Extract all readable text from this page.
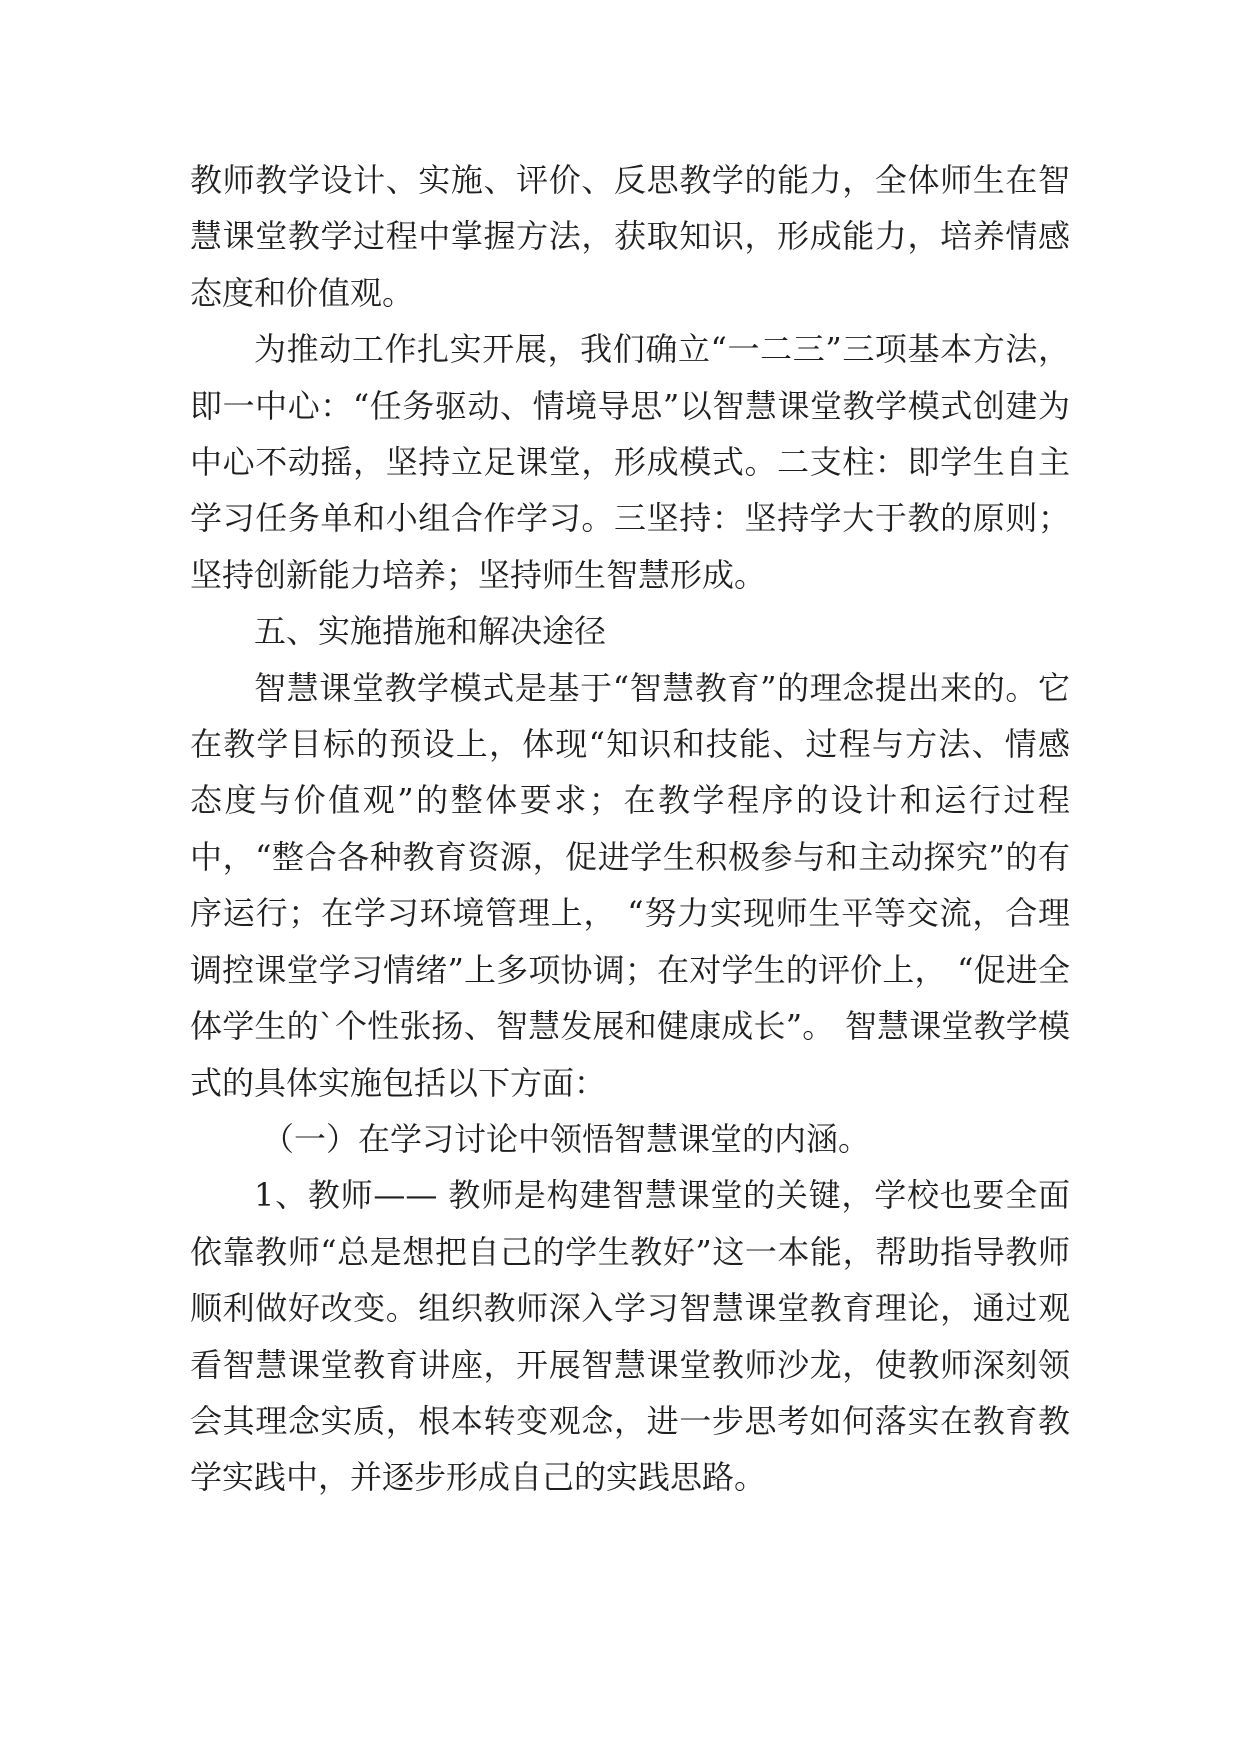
教师教学设计、实施、评价、反思教学的能力，全体师生在智慧课堂教学过程中掌握方法，获取知识，形成能力，培养情感态度和价值观。

为推动工作扎实开展，我们确立“一二三”三项基本方法，即一中心：“任务驱动、情境导思”以智慧课堂教学模式创建为中心不动摇，坚持立足课堂，形成模式。二支柱：即学生自主学习任务单和小组合作学习。三坚持：坚持学大于教的原则；坚持创新能力培养；坚持师生智慧形成。

五、实施措施和解决途径

智慧课堂教学模式是基于“智慧教育”的理念提出来的。它在教学目标的预设上，体现“知识和技能、过程与方法、情感态度与价值观”的整体要求；在教学程序的设计和运行过程中，“整合各种教育资源，促进学生积极参与和主动探究”的有序运行；在学习环境管理上， “努力实现师生平等交流，合理调控课堂学习情绪”上多项协调；在对学生的评价上， “促进全体学生的`个性张扬、智慧发展和健康成长”。 智慧课堂教学模式的具体实施包括以下方面：

（一）在学习讨论中领悟智慧课堂的内涵。

1、教师—— 教师是构建智慧课堂的关键，学校也要全面依靠教师“总是想把自己的学生教好”这一本能，帮助指导教师顺利做好改变。组织教师深入学习智慧课堂教育理论，通过观看智慧课堂教育讲座，开展智慧课堂教师沙龙，使教师深刻领会其理念实质，根本转变观念，进一步思考如何落实在教育教学实践中，并逐步形成自己的实践思路。
